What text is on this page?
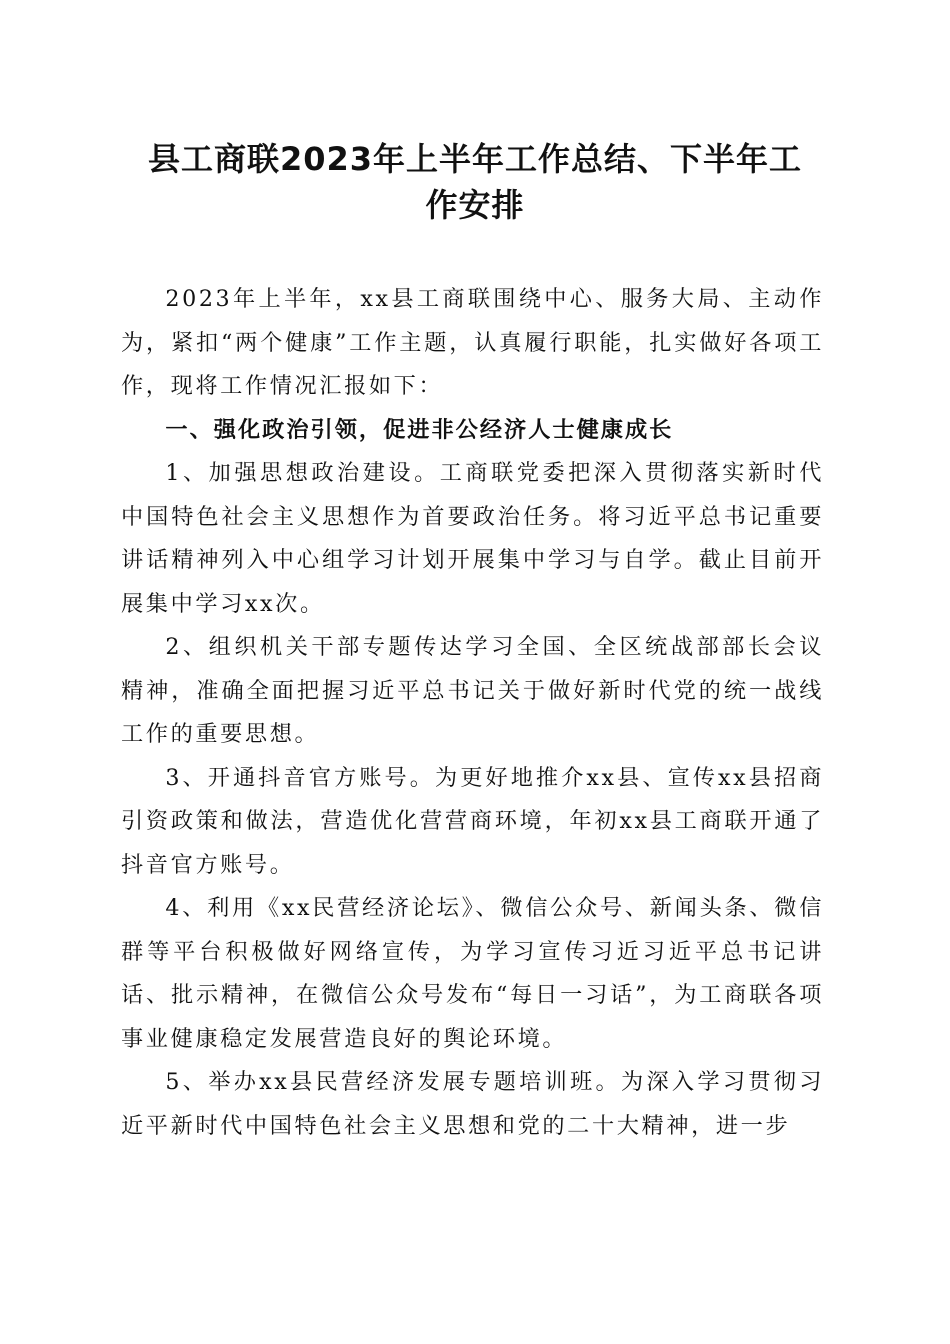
县工商联2023年上半年工作总结、下半年工
作安排

2023年上半年，xx县工商联围绕中心、服务大局、主动作为，紧扣“两个健康”工作主题，认真履行职能，扎实做好各项工作，现将工作情况汇报如下：

一、强化政治引领，促进非公经济人士健康成长

1、加强思想政治建设。工商联党委把深入贯彻落实新时代中国特色社会主义思想作为首要政治任务。将习近平总书记重要讲话精神列入中心组学习计划开展集中学习与自学。截止目前开展集中学习xx次。

2、组织机关干部专题传达学习全国、全区统战部部长会议精神，准确全面把握习近平总书记关于做好新时代党的统一战线工作的重要思想。

3、开通抖音官方账号。为更好地推介xx县、宣传xx县招商引资政策和做法，营造优化营营商环境，年初xx县工商联开通了抖音官方账号。

4、利用《xx民营经济论坛》、微信公众号、新闻头条、微信群等平台积极做好网络宣传，为学习宣传习近习近平总书记讲话、批示精神，在微信公众号发布“每日一习话”，为工商联各项事业健康稳定发展营造良好的舆论环境。

5、举办xx县民营经济发展专题培训班。为深入学习贯彻习近平新时代中国特色社会主义思想和党的二十大精神，进一步
